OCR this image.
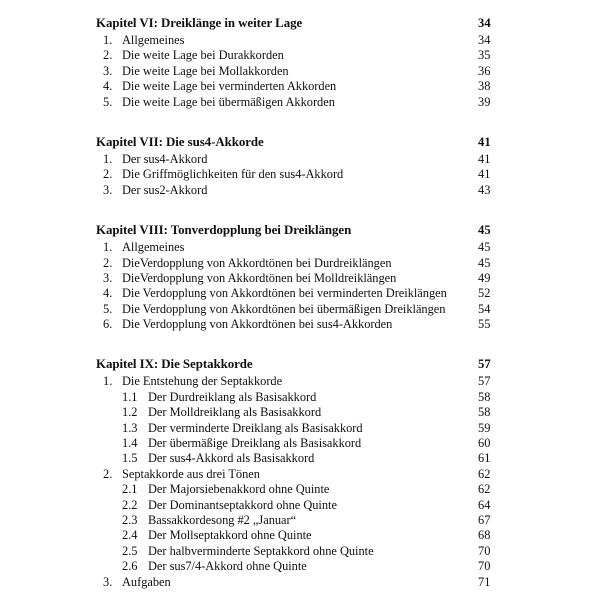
Kapitel VI: Dreiklänge in weiter Lage	34
1. Allgemeines	34
2. Die weite Lage bei Durakkorden	35
3. Die weite Lage bei Mollakkorden	36
4. Die weite Lage bei verminderten Akkorden	38
5. Die weite Lage bei übermäßigen Akkorden	39
Kapitel VII: Die sus4-Akkorde	41
1. Der sus4-Akkord	41
2. Die Griffmöglichkeiten für den sus4-Akkord	41
3. Der sus2-Akkord	43
Kapitel VIII: Tonverdopplung bei Dreiklängen	45
1. Allgemeines	45
2. DieVerdopplung von Akkordtönen bei Durdreiklängen	45
3. DieVerdopplung von Akkordtönen bei Molldreiklängen	49
4. Die Verdopplung von Akkordtönen bei verminderten Dreiklängen	52
5. Die Verdopplung von Akkordtönen bei übermäßigen Dreiklängen	54
6. Die Verdopplung von Akkordtönen bei sus4-Akkorden	55
Kapitel IX: Die Septakkorde	57
1. Die Entstehung der Septakkorde	57
1.1 Der Durdreiklang als Basisakkord	58
1.2 Der Molldreiklang als Basisakkord	58
1.3 Der verminderte Dreiklang als Basisakkord	59
1.4 Der übermäßige Dreiklang als Basisakkord	60
1.5 Der sus4-Akkord als Basisakkord	61
2. Septakkorde aus drei Tönen	62
2.1 Der Majorsiebenakkord ohne Quinte	62
2.2 Der Dominantseptakkord ohne Quinte	64
2.3 Bassakkordesong #2 „Januar“	67
2.4 Der Mollseptakkord ohne Quinte	68
2.5 Der halbverminderte Septakkord ohne Quinte	70
2.6 Der sus7/4-Akkord ohne Quinte	70
3. Aufgaben	71
